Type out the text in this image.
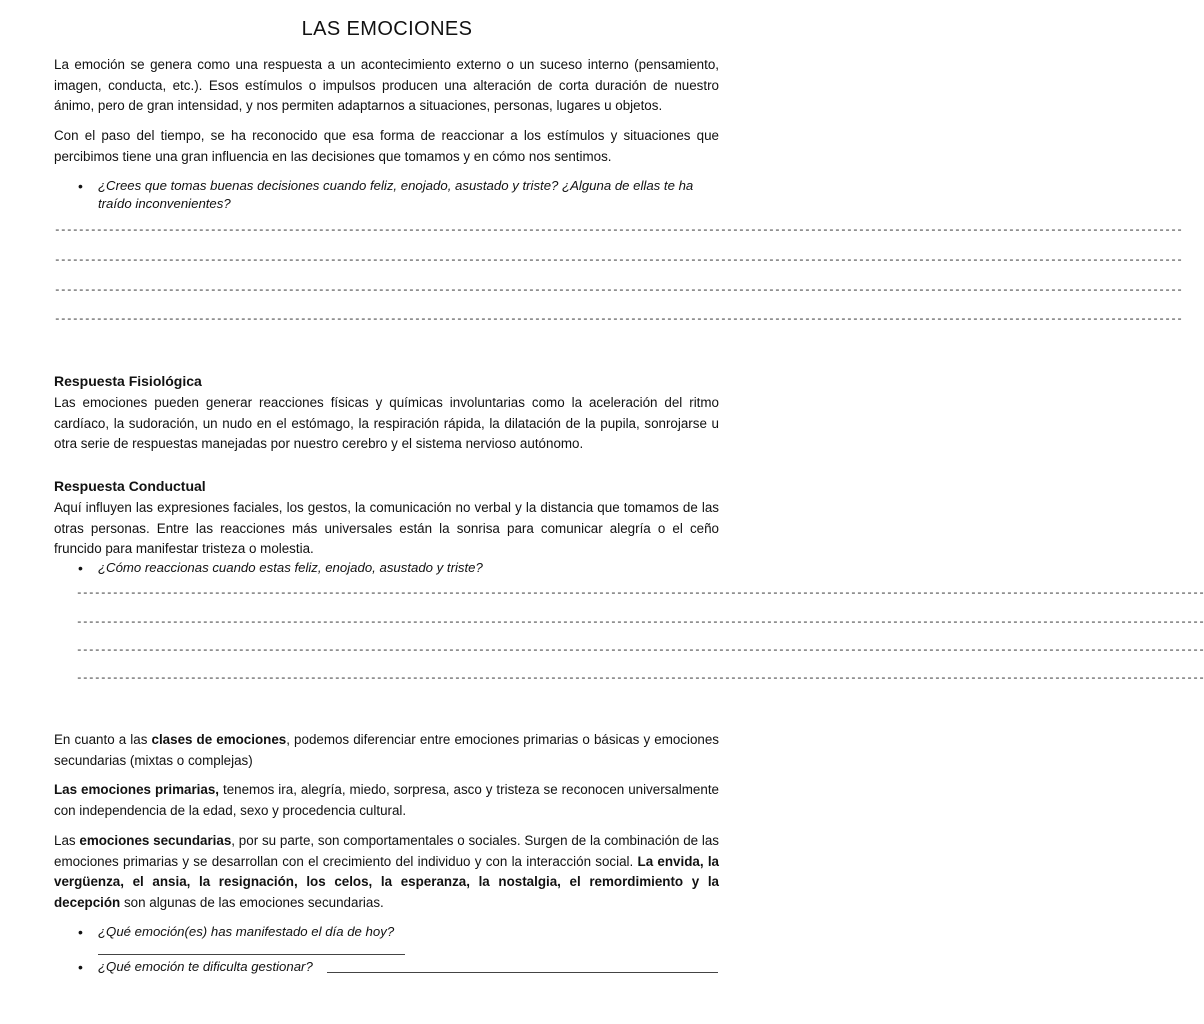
LAS EMOCIONES
La emoción se genera como una respuesta a un acontecimiento externo o un suceso interno (pensamiento, imagen, conducta, etc.). Esos estímulos o impulsos producen una alteración de corta duración de nuestro ánimo, pero de gran intensidad, y nos permiten adaptarnos a situaciones, personas, lugares u objetos.
Con el paso del tiempo, se ha reconocido que esa forma de reaccionar a los estímulos y situaciones que percibimos tiene una gran influencia en las decisiones que tomamos y en cómo nos sentimos.
• ¿Crees que tomas buenas decisiones cuando feliz, enojado, asustado y triste? ¿Alguna de ellas te ha traído inconvenientes?
--------------------------------------------------------------------------------------------------------------------------------------------------------------------------------------------
--------------------------------------------------------------------------------------------------------------------------------------------------------------------------------------------
--------------------------------------------------------------------------------------------------------------------------------------------------------------------------------------------
--------------------------------------------------------------------------------------------------------------------------------------------------------------------------------------------
Respuesta Fisiológica
Las emociones pueden generar reacciones físicas y químicas involuntarias como la aceleración del ritmo cardíaco, la sudoración, un nudo en el estómago, la respiración rápida, la dilatación de la pupila, sonrojarse u otra serie de respuestas manejadas por nuestro cerebro y el sistema nervioso autónomo.
Respuesta Conductual
Aquí influyen las expresiones faciales, los gestos, la comunicación no verbal y la distancia que tomamos de las otras personas. Entre las reacciones más universales están la sonrisa para comunicar alegría o el ceño fruncido para manifestar tristeza o molestia.
• ¿Cómo reaccionas cuando estas feliz, enojado, asustado y triste?
--------------------------------------------------------------------------------------------------------------------------------------------------------------------------------------------
--------------------------------------------------------------------------------------------------------------------------------------------------------------------------------------------
--------------------------------------------------------------------------------------------------------------------------------------------------------------------------------------------
--------------------------------------------------------------------------------------------------------------------------------------------------------------------------------------------
En cuanto a las clases de emociones, podemos diferenciar entre emociones primarias o básicas y emociones secundarias (mixtas o complejas)
Las emociones primarias, tenemos ira, alegría, miedo, sorpresa, asco y tristeza se reconocen universalmente con independencia de la edad, sexo y procedencia cultural.
Las emociones secundarias, por su parte, son comportamentales o sociales. Surgen de la combinación de las emociones primarias y se desarrollan con el crecimiento del individuo y con la interacción social. La envida, la vergüenza, el ansia, la resignación, los celos, la esperanza, la nostalgia, el remordimiento y la decepción son algunas de las emociones secundarias.
• ¿Qué emoción(es) has manifestado el día de hoy?
• ¿Qué emoción te dificulta gestionar?
